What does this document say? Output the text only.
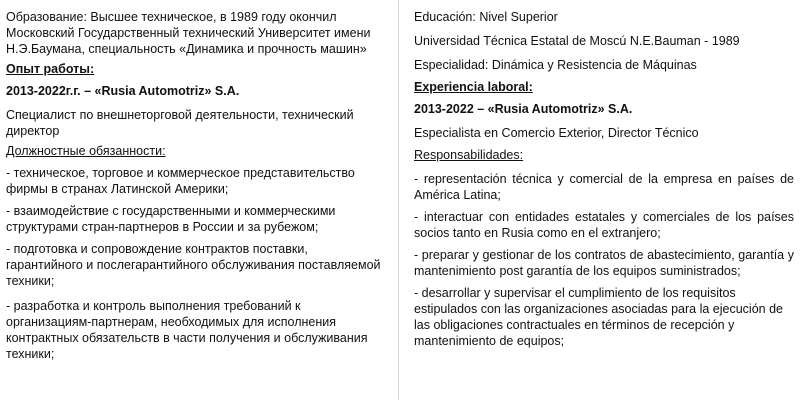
Образование: Высшее техническое, в 1989 году окончил Московский Государственный технический Университет имени Н.Э.Баумана, специальность «Динамика и прочность машин»

Опыт работы:

2013-2022г.г. – «Rusia Automotriz» S.A.

Специалист по внешнеторговой деятельности, технический директор

Должностные обязанности:

- техническое, торговое и коммерческое представительство фирмы в странах Латинской Америки;

- взаимодействие с государственными и коммерческими структурами стран-партнеров в России и за рубежом;

- подготовка и сопровождение контрактов поставки, гарантийного и послегарантийного обслуживания поставляемой техники;

- разработка и контроль выполнения требований к организациям-партнерам, необходимых для исполнения контрактных обязательств в части получения и обслуживания техники;

Educación: Nivel Superior

Universidad Técnica Estatal de Moscú N.E.Bauman - 1989

Especialidad: Dinámica y Resistencia de Máquinas

Experiencia laboral:

2013-2022 – «Rusia Automotriz» S.A.

Especialista en Comercio Exterior, Director Técnico

Responsabilidades:

- representación técnica y comercial de la empresa en países de América Latina;

- interactuar con entidades estatales y comerciales de los países socios tanto en Rusia como en el extranjero;

- preparar y gestionar de los contratos de abastecimiento, garantía y mantenimiento post garantía de los equipos suministrados;

- desarrollar y supervisar el cumplimiento de los requisitos estipulados con las organizaciones asociadas para la ejecución de las obligaciones contractuales en términos de recepción y mantenimiento de equipos;
